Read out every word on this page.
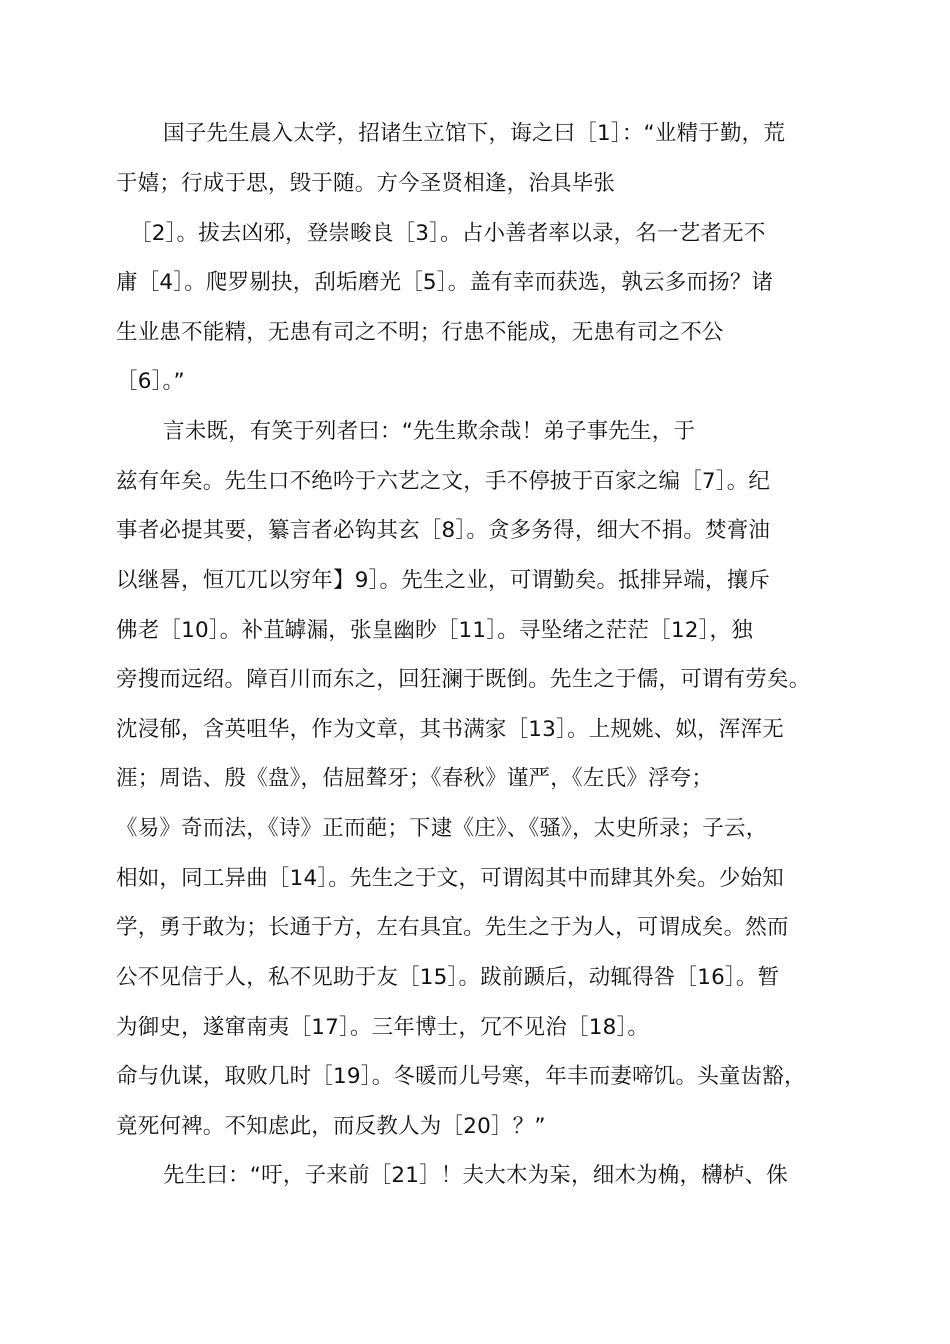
国子先生晨入太学，招诸生立馆下，诲之曰［1］：“业精于勤，荒
于嬉；行成于思，毁于随。方今圣贤相逢，治具毕张
［2］。拔去凶邪，登崇畯良［3］。占小善者率以录，名一艺者无不
庸［4］。爬罗剔抉，刮垢磨光［5］。盖有幸而获选，孰云多而扬？诸
生业患不能精，无患有司之不明；行患不能成，无患有司之不公
［6］。”
言未既，有笑于列者曰：“先生欺余哉！弟子事先生，于
兹有年矣。先生口不绝吟于六艺之文，手不停披于百家之编［7］。纪
事者必提其要，纂言者必钩其玄［8］。贪多务得，细大不捐。焚膏油
以继晷，恒兀兀以穷年】9］。先生之业，可谓勤矣。抵排异端，攘斥
佛老［10］。补苴罅漏，张皇幽眇［11］。寻坠绪之茫茫［12］，独
旁搜而远绍。障百川而东之，回狂澜于既倒。先生之于儒，可谓有劳矣。
沈浸郁，含英咀华，作为文章，其书满家［13］。上规姚、姒，浑浑无
涯；周诰、殷《盘》，佶屈聱牙；《春秋》谨严，《左氏》浮夸；
《易》奇而法，《诗》正而葩；下逮《庄》、《骚》，太史所录；子云，
相如，同工异曲［14］。先生之于文，可谓闳其中而肆其外矣。少始知
学，勇于敢为；长通于方，左右具宜。先生之于为人，可谓成矣。然而
公不见信于人，私不见助于友［15］。跋前踬后，动辄得咎［16］。暂
为御史，遂窜南夷［17］。三年博士，冗不见治［18］。
命与仇谋，取败几时［19］。冬暖而儿号寒，年丰而妻啼饥。头童齿豁，
竟死何裨。不知虑此，而反教人为［20］？”
先生曰：“吁，子来前［21］！夫大木为杗，细木为桷，欂栌、侏
